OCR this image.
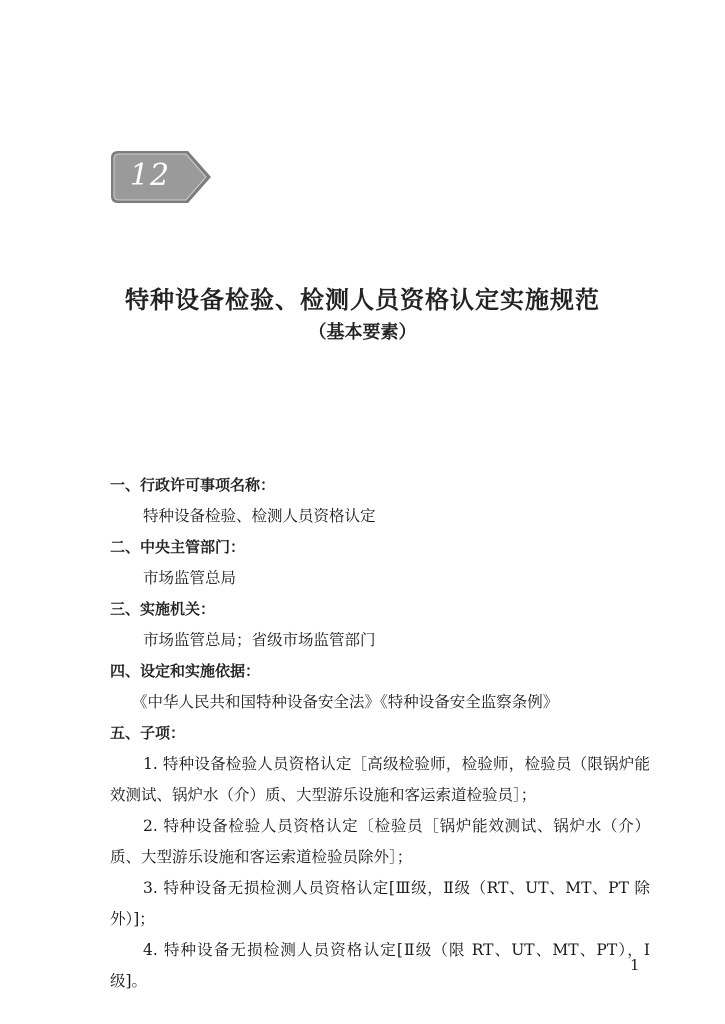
12
特种设备检验、检测人员资格认定实施规范
（基本要素）
一、行政许可事项名称：
特种设备检验、检测人员资格认定
二、中央主管部门：
市场监管总局
三、实施机关：
市场监管总局；省级市场监管部门
四、设定和实施依据：
《中华人民共和国特种设备安全法》《特种设备安全监察条例》
五、子项：
1. 特种设备检验人员资格认定［高级检验师，检验师，检验员（限锅炉能效测试、锅炉水（介）质、大型游乐设施和客运索道检验员］；
2. 特种设备检验人员资格认定〔检验员［锅炉能效测试、锅炉水（介）质、大型游乐设施和客运索道检验员除外］；
3. 特种设备无损检测人员资格认定[Ⅲ级，Ⅱ级（RT、UT、MT、PT 除外）]；
4. 特种设备无损检测人员资格认定[Ⅱ级（限 RT、UT、MT、PT），Ⅰ级]。
1
